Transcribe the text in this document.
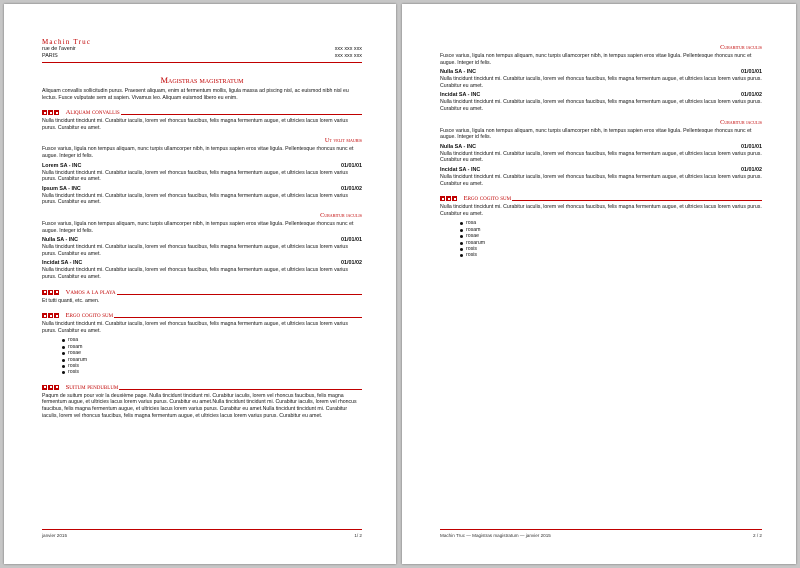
Machin Truc
rue de l'avenir	xxx xxx xxx
PARIS	xxx xxx xxx
Magistras magistratum

Aliquam convallis sollicitudin purus. Praesent aliquam, enim at fermentum mollis, ligula massa ad piscing nisl, ac euismod nibh nisl eu lectus. Fusce vulputate sem at sapien. Vivamus leo. Aliquam euismod libero eu enim.

Aliquam convallis

Nulla tincidunt tincidunt mi. Curabitur iaculis, lorem vel rhoncus faucibus, felis magna fermentum augue, et ultricies lacus lorem varius purus. Curabitur eu amet.

Ut velit mauris

Fusce varius, ligula non tempus aliquam, nunc turpis ullamcorper nibh, in tempus sapien eros vitae ligula. Pellentesque rhoncus nunc et augue. Integer id felis.

Lorem SA - INC	01/01/01

Nulla tincidunt tincidunt mi. Curabitur iaculis, lorem vel rhoncus faucibus, felis magna fermentum augue, et ultricies lacus lorem varius purus. Curabitur eu amet.

Ipsum SA - INC	01/01/02

Nulla tincidunt tincidunt mi. Curabitur iaculis, lorem vel rhoncus faucibus, felis magna fermentum augue, et ultricies lacus lorem varius purus. Curabitur eu amet.

Curabitur iaculis

Fusce varius, ligula non tempus aliquam, nunc turpis ullamcorper nibh, in tempus sapien eros vitae ligula. Pellentesque rhoncus nunc et augue. Integer id felis.

Nulla SA - INC	01/01/01

Nulla tincidunt tincidunt mi. Curabitur iaculis, lorem vel rhoncus faucibus, felis magna fermentum augue, et ultricies lacus lorem varius purus. Curabitur eu amet.

Incidat SA - INC	01/01/02

Nulla tincidunt tincidunt mi. Curabitur iaculis, lorem vel rhoncus faucibus, felis magna fermentum augue, et ultricies lacus lorem varius purus. Curabitur eu amet.

Vamos a la playa

Et tutti quanti, etc. amen.

Ergo cogito sum

Nulla tincidunt tincidunt mi. Curabitur iaculis, lorem vel rhoncus faucibus, felis magna fermentum augue, et ultricies lacus lorem varius purus. Curabitur eu amet.

rosa
rosam
rosae
rosarum
rosis
rosis
Suitum pendublum

Paqum de suitum pour voir la deuxième page. Nulla tincidunt tincidunt mi. Curabitur iaculis, lorem vel rhoncus faucibus, felis magna fermentum augue, et ultricies lacus lorem varius purus. Curabitur eu amet.Nulla tincidunt tincidunt mi. Curabitur iaculis, lorem vel rhoncus faucibus, felis magna fermentum augue, et ultricies lacus lorem varius purus. Curabitur eu amet.Nulla tincidunt tincidunt mi. Curabitur iaculis, lorem vel rhoncus faucibus, felis magna fermentum augue, et ultricies lacus lorem varius purus. Curabitur eu amet.

janvier 2015	1/ 2
Curabitur iaculis

Fusce varius, ligula non tempus aliquam, nunc turpis ullamcorper nibh, in tempus sapien eros vitae ligula. Pellentesque rhoncus nunc et augue. Integer id felis.

Nulla SA - INC	01/01/01

Nulla tincidunt tincidunt mi. Curabitur iaculis, lorem vel rhoncus faucibus, felis magna fermentum augue, et ultricies lacus lorem varius purus. Curabitur eu amet.

Incidat SA - INC	01/01/02

Nulla tincidunt tincidunt mi. Curabitur iaculis, lorem vel rhoncus faucibus, felis magna fermentum augue, et ultricies lacus lorem varius purus. Curabitur eu amet.

Curabitur iaculis

Fusce varius, ligula non tempus aliquam, nunc turpis ullamcorper nibh, in tempus sapien eros vitae ligula. Pellentesque rhoncus nunc et augue. Integer id felis.

Nulla SA - INC	01/01/01

Nulla tincidunt tincidunt mi. Curabitur iaculis, lorem vel rhoncus faucibus, felis magna fermentum augue, et ultricies lacus lorem varius purus. Curabitur eu amet.

Incidat SA - INC	01/01/02

Nulla tincidunt tincidunt mi. Curabitur iaculis, lorem vel rhoncus faucibus, felis magna fermentum augue, et ultricies lacus lorem varius purus. Curabitur eu amet.

Ergo cogito sum

Nulla tincidunt tincidunt mi. Curabitur iaculis, lorem vel rhoncus faucibus, felis magna fermentum augue, et ultricies lacus lorem varius purus. Curabitur eu amet.

rosa
rosam
rosae
rosarum
rosis
rosis
Machin Truc — Magistras magistratum — janvier 2015	2 / 2
